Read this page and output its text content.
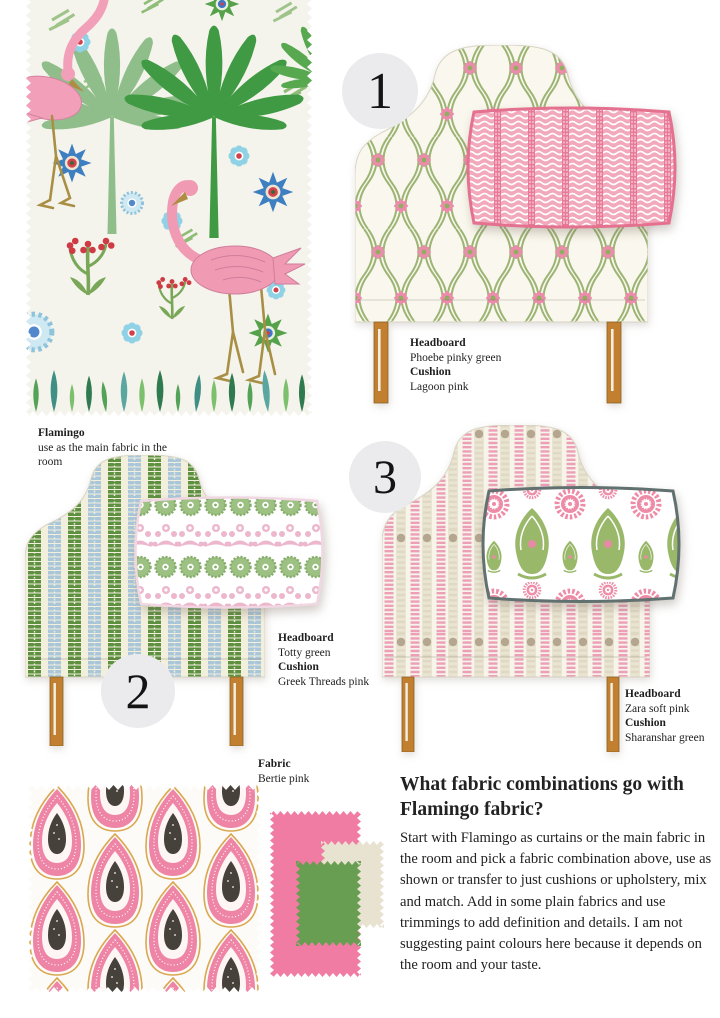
Flamingo
use as the main fabric in the
room
1
Headboard
Phoebe pinky green
Cushion
Lagoon pink
2
Headboard
Totty green
Cushion
Greek Threads pink
3
Headboard
Zara soft pink
Cushion
Sharanshar green
Fabric
Bertie pink	What fabric combinations go with Flamingo fabric?

Start with Flamingo as curtains or the main fabric in the room and pick a fabric combination above, use as shown or transfer to just cushions or upholstery, mix and match. Add in some plain fabrics and use trimmings to add definition and details. I am not suggesting paint colours here because it depends on the room and your taste.
